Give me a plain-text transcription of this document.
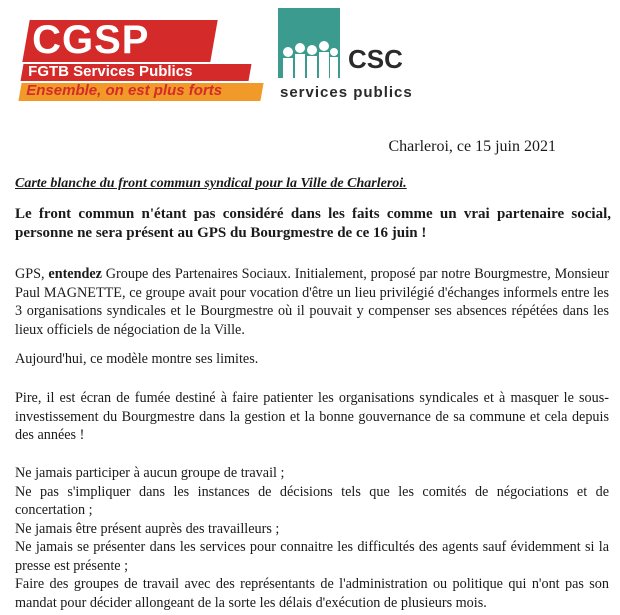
CGSP
FGTB Services Publics
Ensemble, on est plus forts
CSC
services publics
Charleroi, ce 15 juin 2021
Carte blanche du front commun syndical pour la Ville de Charleroi.
Le front commun n'étant pas considéré dans les faits comme un vrai partenaire social, personne ne sera présent au GPS du Bourgmestre de ce 16 juin !
GPS, entendez Groupe des Partenaires Sociaux. Initialement, proposé par notre Bourgmestre, Monsieur Paul MAGNETTE, ce groupe avait pour vocation d'être un lieu privilégié d'échanges informels entre les 3 organisations syndicales et le Bourgmestre où il pouvait y compenser ses absences répétées dans les lieux officiels de négociation de la Ville.
Aujourd'hui, ce modèle montre ses limites.
Pire, il est écran de fumée destiné à faire patienter les organisations syndicales et à masquer le sous-investissement du Bourgmestre dans la gestion et la bonne gouvernance de sa commune et cela depuis des années !
Ne jamais participer à aucun groupe de travail ;
Ne pas s'impliquer dans les instances de décisions tels que les comités de négociations et de concertation ;
Ne jamais être présent auprès des travailleurs ;
Ne jamais se présenter dans les services pour connaitre les difficultés des agents sauf évidemment si la presse est présente ;
Faire des groupes de travail avec des représentants de l'administration ou politique qui n'ont pas son mandat pour décider allongeant de la sorte les délais d'exécution de plusieurs mois.
